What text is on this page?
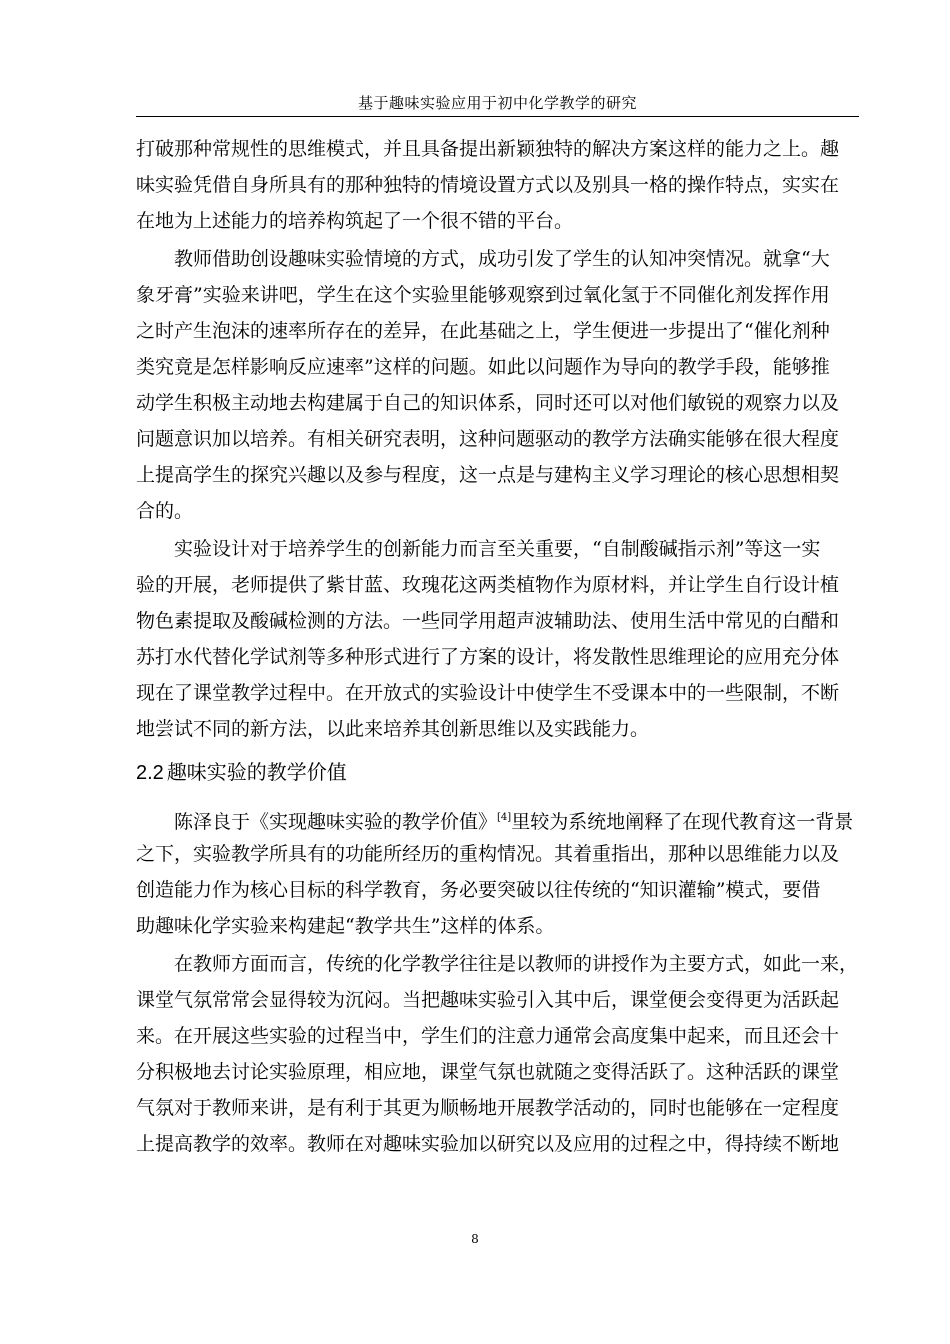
基于趣味实验应用于初中化学教学的研究
打破那种常规性的思维模式，并且具备提出新颖独特的解决方案这样的能力之上。趣
味实验凭借自身所具有的那种独特的情境设置方式以及别具一格的操作特点，实实在
在地为上述能力的培养构筑起了一个很不错的平台。
教师借助创设趣味实验情境的方式，成功引发了学生的认知冲突情况。就拿“大
象牙膏”实验来讲吧，学生在这个实验里能够观察到过氧化氢于不同催化剂发挥作用
之时产生泡沫的速率所存在的差异，在此基础之上，学生便进一步提出了“催化剂种
类究竟是怎样影响反应速率”这样的问题。如此以问题作为导向的教学手段，能够推
动学生积极主动地去构建属于自己的知识体系，同时还可以对他们敏锐的观察力以及
问题意识加以培养。有相关研究表明，这种问题驱动的教学方法确实能够在很大程度
上提高学生的探究兴趣以及参与程度，这一点是与建构主义学习理论的核心思想相契
合的。
实验设计对于培养学生的创新能力而言至关重要，“自制酸碱指示剂”等这一实
验的开展，老师提供了紫甘蓝、玫瑰花这两类植物作为原材料，并让学生自行设计植
物色素提取及酸碱检测的方法。一些同学用超声波辅助法、使用生活中常见的白醋和
苏打水代替化学试剂等多种形式进行了方案的设计，将发散性思维理论的应用充分体
现在了课堂教学过程中。在开放式的实验设计中使学生不受课本中的一些限制，不断
地尝试不同的新方法，以此来培养其创新思维以及实践能力。
2.2 趣味实验的教学价值
陈泽良于《实现趣味实验的教学价值》[4]里较为系统地阐释了在现代教育这一背景
之下，实验教学所具有的功能所经历的重构情况。其着重指出，那种以思维能力以及
创造能力作为核心目标的科学教育，务必要突破以往传统的“知识灌输”模式，要借
助趣味化学实验来构建起“教学共生”这样的体系。
在教师方面而言，传统的化学教学往往是以教师的讲授作为主要方式，如此一来，
课堂气氛常常会显得较为沉闷。当把趣味实验引入其中后，课堂便会变得更为活跃起
来。在开展这些实验的过程当中，学生们的注意力通常会高度集中起来，而且还会十
分积极地去讨论实验原理，相应地，课堂气氛也就随之变得活跃了。这种活跃的课堂
气氛对于教师来讲，是有利于其更为顺畅地开展教学活动的，同时也能够在一定程度
上提高教学的效率。教师在对趣味实验加以研究以及应用的过程之中，得持续不断地
8
